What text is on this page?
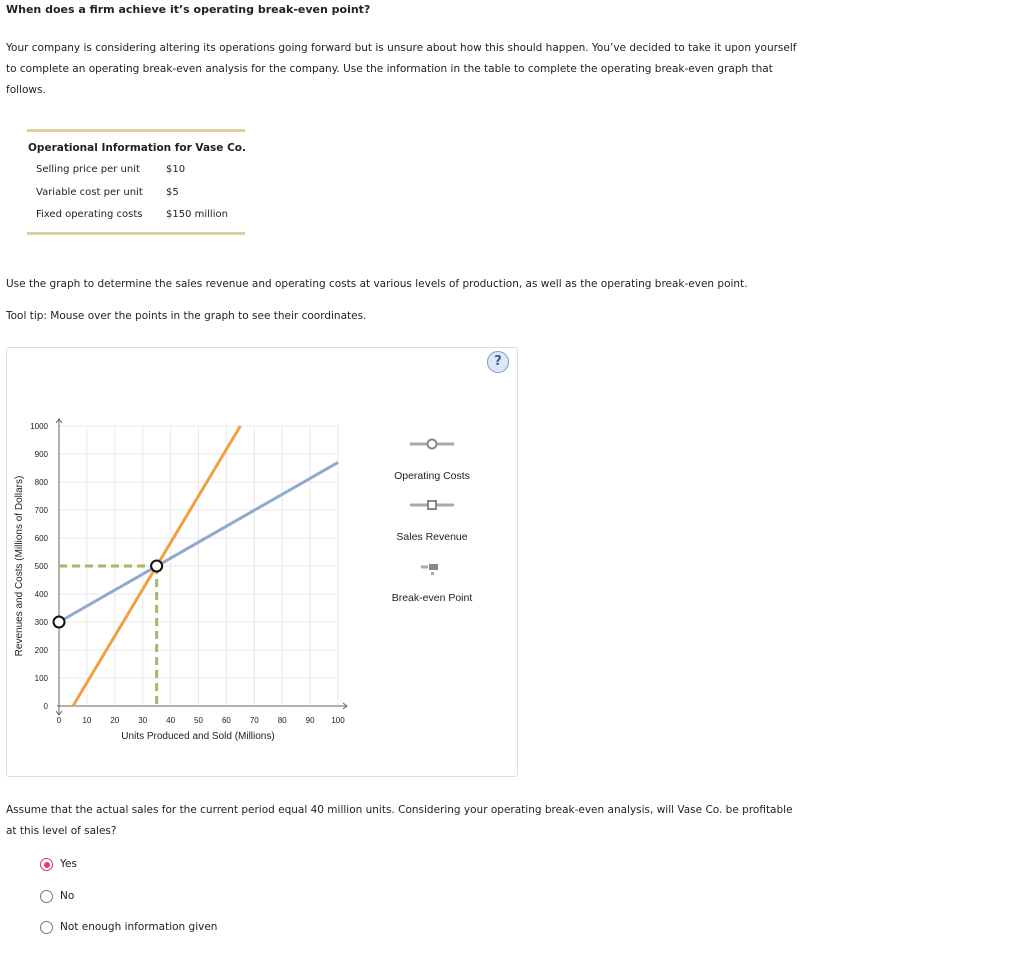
When does a firm achieve it’s operating break-even point?
Your company is considering altering its operations going forward but is unsure about how this should happen. You’ve decided to take it upon yourself to complete an operating break-even analysis for the company. Use the information in the table to complete the operating break-even graph that follows.
Operational Information for Vase Co.
Selling price per unit	$10
Variable cost per unit $5
Fixed operating costs $150 million
Use the graph to determine the sales revenue and operating costs at various levels of production, as well as the operating break-even point.
Tool tip: Mouse over the points in the graph to see their coordinates.
?
0	10 20 30 40 50 60 70 80 90 100
0
100
200
300
400
500
600
700
800
900
1000
Units Produced and Sold (Millions)
Revenues and Costs (Millions of Dollars)	Operating Costs
Sales Revenue
Break-even Point
Assume that the actual sales for the current period equal 40 million units. Considering your operating break-even analysis, will Vase Co. be profitable at this level of sales?
Yes
No
Not enough information given
